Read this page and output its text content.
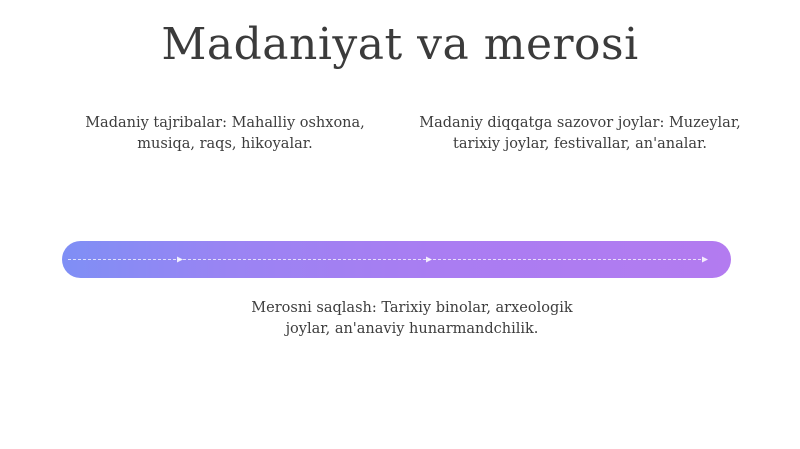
Madaniyat va merosi
Madaniy tajribalar: Mahalliy oshxona, musiqa, raqs, hikoyalar.
Madaniy diqqatga sazovor joylar: Muzeylar, tarixiy joylar, festivallar, an'analar.
Merosni saqlash: Tarixiy binolar, arxeologik joylar, an'anaviy hunarmandchilik.
